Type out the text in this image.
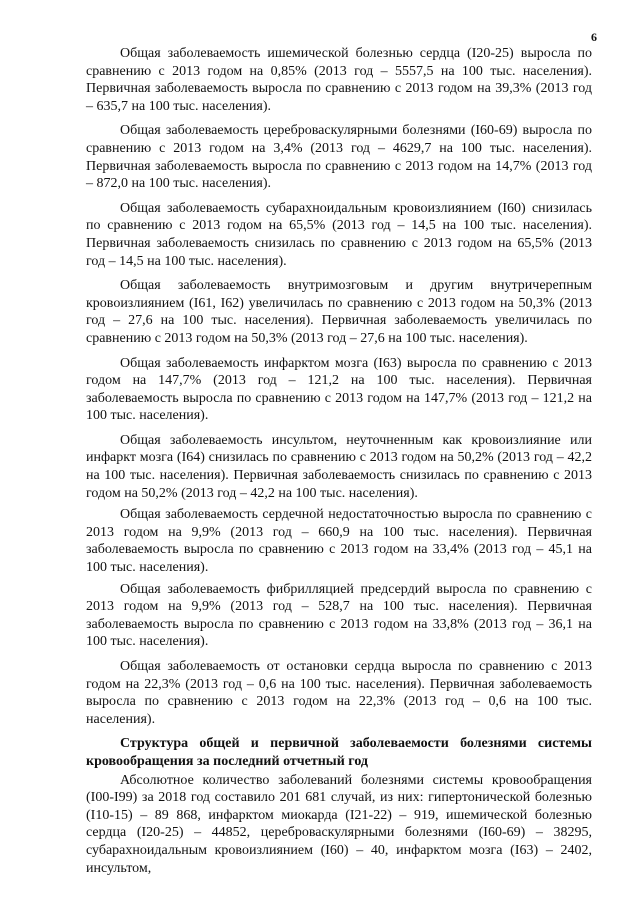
6

Общая заболеваемость ишемической болезнью сердца (I20-25) выросла по сравнению с 2013 годом на 0,85% (2013 год – 5557,5 на 100 тыс. населения). Первичная заболеваемость выросла по сравнению с 2013 годом на 39,3% (2013 год – 635,7 на 100 тыс. населения).

Общая заболеваемость цереброваскулярными болезнями (I60-69) выросла по сравнению с 2013 годом на 3,4% (2013 год – 4629,7 на 100 тыс. населения). Первичная заболеваемость выросла по сравнению с 2013 годом на 14,7% (2013 год – 872,0 на 100 тыс. населения).

Общая заболеваемость субарахноидальным кровоизлиянием (I60) снизилась по сравнению с 2013 годом на 65,5% (2013 год – 14,5 на 100 тыс. населения). Первичная заболеваемость снизилась по сравнению с 2013 годом на 65,5% (2013 год – 14,5 на 100 тыс. населения).

Общая заболеваемость внутримозговым и другим внутричерепным кровоизлиянием (I61, I62) увеличилась по сравнению с 2013 годом на 50,3% (2013 год – 27,6 на 100 тыс. населения). Первичная заболеваемость увеличилась по сравнению с 2013 годом на 50,3% (2013 год – 27,6 на 100 тыс. населения).

Общая заболеваемость инфарктом мозга (I63) выросла по сравнению с 2013 годом на 147,7% (2013 год – 121,2 на 100 тыс. населения). Первичная заболеваемость выросла по сравнению с 2013 годом на 147,7% (2013 год – 121,2 на 100 тыс. населения).

Общая заболеваемость инсультом, неуточненным как кровоизлияние или инфаркт мозга (I64) снизилась по сравнению с 2013 годом на 50,2% (2013 год – 42,2 на 100 тыс. населения). Первичная заболеваемость снизилась по сравнению с 2013 годом на 50,2% (2013 год – 42,2 на 100 тыс. населения).

Общая заболеваемость сердечной недостаточностью выросла по сравнению с 2013 годом на 9,9% (2013 год – 660,9 на 100 тыс. населения). Первичная заболеваемость выросла по сравнению с 2013 годом на 33,4% (2013 год – 45,1 на 100 тыс. населения).

Общая заболеваемость фибрилляцией предсердий выросла по сравнению с 2013 годом на 9,9% (2013 год – 528,7 на 100 тыс. населения). Первичная заболеваемость выросла по сравнению с 2013 годом на 33,8% (2013 год – 36,1 на 100 тыс. населения).

Общая заболеваемость от остановки сердца выросла по сравнению с 2013 годом на 22,3% (2013 год – 0,6 на 100 тыс. населения). Первичная заболеваемость выросла по сравнению с 2013 годом на 22,3% (2013 год – 0,6 на 100 тыс. населения).

Структура общей и первичной заболеваемости болезнями системы кровообращения за последний отчетный год

Абсолютное количество заболеваний болезнями системы кровообращения (I00-I99) за 2018 год составило 201 681 случай, из них: гипертонической болезнью (I10-15) – 89 868, инфарктом миокарда (I21-22) – 919, ишемической болезнью сердца (I20-25) – 44852, цереброваскулярными болезнями (I60-69) – 38295, субарахноидальным кровоизлиянием (I60) – 40, инфарктом мозга (I63) – 2402, инсультом,
